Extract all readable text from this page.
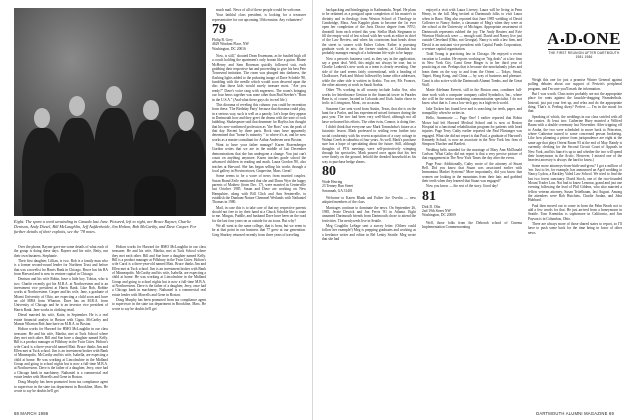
Eight: The spent a week unwinding in Canada last June. Pictured, left to right, are Bruce Rayner, Charlie Denison, Andy Diesel, Bill McLaughlin, Jeff Aufderheide, Jim Holton, Bob McCarthy, and Dave Casper. For further details of their exploits, see the '78 notes.

Over the phone, Rayner gave me some details of what each of the group is doing these days. Rayner and his wife, Betty, run their own business. Stephanie.

Their first daughter, Lillian, is two. Bob is a family man who is a former second-round lender for Northern Trust and before that was a novelist for Harris Bank in Chicago. Bruce has his BA from Harvard and is now in venture capital in Chicago.

Denison and his wife Robin, have a little boy. Tobias, who is two. Charlie recently got his M.B.A. at Northwestern and is an investment vice president at Harris Bank. Like Bob, Robbie works at Northwestern. Casper and his wife, Jane, a graduate of Miami University of Ohio, are expecting a child soon and have an old MBA from Wharton. Dave has an M.B.A. from University of Chicago and he is an investor vice president of Harris Bank. Jane works in clothing retail.

Diesel married his wife, Katie, in September. He is a real estate financial analyst in Boston with Cigna. McCarthy and Manon Wharton Bob Jane have an M.B.A. in Boston.

Holton works for Harvard for HMO McLaughlin in our class treasurer. He and his wife, Martha, met at Tuck School where they met each other. Bill and Sue have a daughter named Kelly. Bill is a product manager at Pillsbury in the Twin Cities. Holton's wife Carol is a three-year-old named Matt. Bruce thinks Jim and Ellen met at Tuck school. Jim is an investment broker with Bank of Minneapolis. McCarthy and his wife, Isabella, are expecting a child at home. He was working at Lincolnshire in the Midland Group and going to school nights but is now a full-time M.B.A. at Northwestern. Dave is the father of a daughter, Jerry, once had a Chicago bank in machinery. Nathaniel is a commercial real estate lender with Morrells and Gene in Boston.

Doug Murphy has been promoted from tax compliance agent to supervisor in the state tax department in Brookline, Mass. He wrote to say he doubts he'll get

Holton works for Harvard for HMO McLaughlin in our class treasurer. He and his wife, Martha, met at Tuck School where they met each other. Bill and Sue have a daughter named Kelly. Bill is a product manager at Pillsbury in the Twin Cities. Holton's wife Carol is a three-year-old named Matt. Bruce thinks Jim and Ellen met at Tuck school. Jim is an investment broker with Bank of Minneapolis. McCarthy and his wife, Isabella, are expecting a child at home. He was working at Lincolnshire in the Midland Group and going to school nights but is now a full-time M.B.A. at Northwestern. Dave is the father of a daughter, Jerry, once had a Chicago bank in machinery. Nathaniel is a commercial real estate lender with Morrells and Gene in Boston.

Doug Murphy has been promoted from tax compliance agent to supervisor in the state tax department in Brookline, Mass. He wrote to say he doubts he'll get

much mail. News of all of these people would be welcome.

Your faithful class president, is looking for a treasurer representative for our upcoming 10th reunion. Any volunteers?

79

Philip B. Grey
4629 Windom Place, NW
Washington, DC 20016

Now, is still," shouted Dean Essemann, as he bustled high off a couch holding the apartment's only broom like a guitar. Blaine McHenry and Sam Bowman quickly followed suit, each grabbing their respective hat and proceeding to give his best Pete Townsend imitation. The room was plunged into darkness, the flashing lights added to the pulsating image of Dave Schoble '80, fumbling with the needle which would soon descend upon the disc that those kids would surely treasure most. "Are you ready?" Dave's voice rang with eagerness. The room's bringing our four heros together was none other than Bud Steeber's "Born in the U.S.A." (And what these guys do in real life.)

This diorama of reveling this column: you could be recreation from these. 'The Birthday Party' because that diorama could play, in a serious way, such is well as a parody. Let's hope they appear in Dartmouth how and they greet the drums with the tone of rock bubbling. Shakespeare said that drummer for Bayliss has thought that his new-confirmed profession as "the Boss" was the peak of that day. Recent by three parts. Rock stars have apparently determined that "home Is minority " to where it's at, and he now works as a master consultant for Arthur Andersen next Boston.

Want to have your father manage? Karen Rosensberger Gordon writes that we are in the middle of last December demonstrations that she has undergone a change. You just can't count on anything anymore. Karen teaches grade school the advanced children in reading and math. Laura Gordon '80, also teaches at Harvard. She has begun selling his works through a local gallery in Provincetown, Grapevine, Mass. Great!

Some seems to be a wave of news from married couples. Susan Brand Zeile mentioned that she and Dawn Wyn the happy parents of Mathew (from Dec. 17), were married in Centerville last October 1985. Susan and Dave are working on New Hampshire, along with Bill Click and Ann Senterrelle, to establish the Dunham-Nature Chemmel Wetlands with Nathaniel Thomas in 1980.

Mail, in case this is to take care of that my respective parents should not free to try their hand at a Chuck Schoble like a route to me. Mingus, Puddle, and husband Dave have been on the road for the last four years on as outside for an icons. But why?

We all went to the same college, that is from, but we seem to be at that point in our business that 77 grew at our generation. Greg Sharkey returned recently from three years of traveling

68 MARCH 1986

backpacking and bimleggings in Kathmandu, Nepal. He plans to be ordained as a postgrad upon completion of his master's in divinity and in theology from Weston School of Theology in Cambridge, Mass. Ann Kappler plans to become the 1st ever open her completion of the Juris Doctor degree from NYU; threatrill from each retired this year. Stellar Mark Siegmann to fill the empty void of law school with her work as editor in chief of the Law Review, and when his courtroom boat heads down the street to sooner with Esther Cohen. Esther is pursuing graduate work in arts; the former student, at Columbia but probably manages enough of a bohemian life-style to be happy.

Now a person's business card, as they say in the application, say a great deal. Well, this might not always be true, but to Charlie Lonbeck's new work as a team is clearly revealing. One side of the card seems fairly conventional, with a heading of Chalkwave, Park and Abbott followed by home office addresses, while the other side is written in Arabic. You see, Mr. Frances, the other attorney at work in Saudi Arabia.

Other '79s working in all country include Joslin Ase, who works for Interfinance Gestion in the financial tower in Parades Barn is, of course, located in Colorado and Utah. Justin chose to frolic in Livingston, Mont., on occasion.

Suzanne Carr sent word from Austin, Texas, that she is on the hunt for a Parlor, and has experienced mixed fortunes during the past year. The two had been very well-liked, although not all have welcomed his efforts. The other twin, Connor, is doing fine.

I didn't think that everyone saw Mark Tomashoba's future as a futuristic lesson. Mark professed to settling even further into social conformity with his recent acquisition of a cozy cottage in Walnut Creek in suburbia of four years. As well, Mark's purchase sure has a hope of speculating about the future. Still, although thoughts of PTA meetings were self-protectively wimping through his spectacles, Mark poured once again that his feet were firmly on the ground, behold the dreaded household as his way to purchase hedge shears.

80

Wade Herring
23 Tenney Run Street
Savannah, GA 31401

Welcome to Karen Blank and Esther Joe Overlin — new adopted members of the class.

Marriages continue to dominate the news. On September 26, 1985, Jessie Dewick and Jon Ferris '81 in Atlanta. Eight unnamed Dartmouth friends from Dartmouth chose to attend the festivities. The newlyweds live in Seattle.

Meg Coughlin LeSage sent a survey letter. (Others could follow her example!) Meg is prepping graduates and working as a freelance writer and editor in Bel Lenity Seattle. Meg wrote that she had

enjoyed a visit with Laura Livesey. Laura will be living in Penn Henry, in the fall. Meg invited at Dartmouth folks to visit Laura when in Bazo. Meg also reported that June 1985 wedding of David Collester to Nancy Andre, a classmate of Meg's when they were at the school at the University of Michigan. Appropriate assortment of Dartmouth represents rubbed the joy. The Andy Reuters and Evie Winston Hitchcock were — enough said. David and Nancy live just outside Cleveland (Ohio, not Georgia). Nancy is with a law firm, and David is an assistant vice president with Capital Funds Corporation, a venture capital organization.

Todd Young is practicing law in Chicago. He enjoyed a recent vacation to London. He reports working on "big deals" at a law firm in New York City. Cami Gene Binger is in her third year of practicing at one. Perhaps that is because she nonchalantly jokes and leans them on the way to and from the Orient — Tokyo, Seoul, Taipei, Hong Kong, and China — by way of business and pleasure. Cami is also active with the Dartmouth Alumni Tombs, and the Great Wall.

Marie Adelman Everett, still in the Boston area, combines full-time work with a computer company called Symbolics, Inc., where she will be the senior marketing communication specialist. I do not know what that is. I am a low-tech guy in a high-tech world.

Jake Tacken has found love and is searching for teeth, paper, and tranquillity when he writes in.

Hello, Annemarie — Page One! I earlier reported that Robin Moser had left Harvard Medical School and is now at Boston Hospital in a functional rehabilitation program for patients with head injuries. Page Terry Cathy earlier reported she Paul Flintanger was engaged. What she did not report is that Paul, a graduate of Harvard's Kennedy School, is now an associate in the New York law firm of Simpson Thacher and Bartlett.

Wedding bells sounded for the marriage of Mary Ann McDonald Carlson. What Cathy did not report is that a very precise picture of that engagement in The New York Times the day after the event.

Page Four: Additionally, Cathy wrote of the attorney of Stuart Bell. Did you know that Stuart was associated earlier with Immomina Market Systems? More importantly, did you know that women are looking in the mountains from their hair, and grabbed their teeth when they learned that Stuart was engaged?

Now you know — the rest of the story. Good day!

81

Dirk D. Olin
2nd 19th Street NW
Washington, DC 20009

Well, those folks from the Deborah school of Cinema Implementation Commemorating

A D ONE
THE FIRST REUNION AFTER DARTMOUTH
1981 1986

Weigh this one for just a promise Winter General against polling debates about our support of Perizin's peripheral program, and I'm sure you'll mark the information.

But I was worth. Class notes probably are not the appropriate place for rants against the knuckle-dragging Neanderthals. Instead, just put your feet up, and relax and do the appropriate thing. That's it. Feeling dizzy? Perfect — I'm in the mood for that.

Speaking of which, the weddings in our class swirled with all the crazies. At least two: Catherine Huey married a Wilfred Baum with a double ceremony last November. After tripping off to Aruba, the two were scheduled to move back to Princeton, where Catherine turned to some concerned person brokering. Like how planning a prince from jurisprudence are eight at the same age that plays Orient Room 93 at the end of May. Randy is currently clerking for the Second Circuit Court of Appeals in New York, and his fiancé is up to and whether the two will spend their honeymoon in the Arctic. However, I missed one of the heaviest ancestry is always the hard to know.)

Some more attorneys-from-birth-and-grow? I got a million of 'em. Just to let, for example, has announced an April wedding to Nancy Lydon, a Rackley Valed Law School. We tried to find the last two forest sanctuary. David Stock, one of the two-founded Mount Trader Law. Not bad to know Lenonar, grand and just one evening following the lead of Phil Gildens, who also married a fellow veteran attorney, Susan Teitelbaum, last August. Among the attendees were Rob Hutchins, Charlie Jordan, and John Hubbard.

Paul then moved out to come in from the Palm Beach not to add a few words for that. He just arrived from a honeymoon in Seattle. Tom Kremidas is sophomore in California, and Jim Payson is in Columbus, Ohio.

There are always more of those shared states to report, so I'll have to push some back for the time being in favor of other news.

DARTMOUTH ALUMNI MAGAZINE 69
